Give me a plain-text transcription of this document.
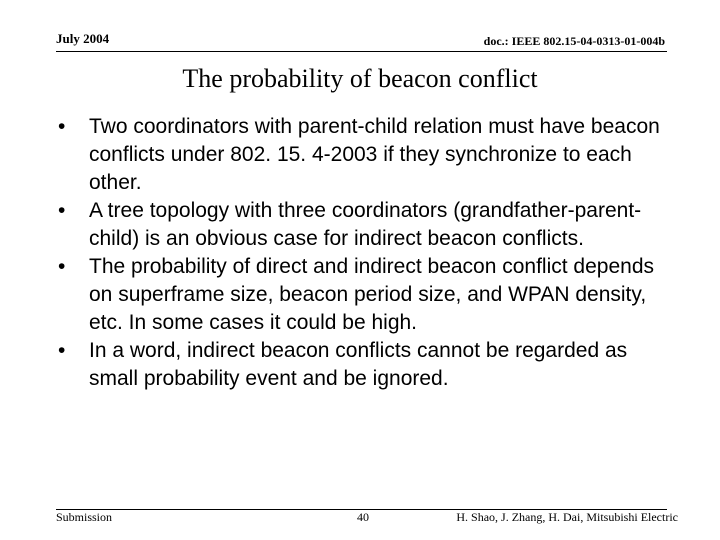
July 2004	doc.: IEEE 802.15-04-0313-01-004b
The probability of beacon conflict
• Two coordinators with parent-child relation must have beacon conflicts under 802. 15. 4-2003 if they synchronize to each other.
• A tree topology with three coordinators (grandfather-parent-child) is an obvious case for indirect beacon conflicts.
• The probability of direct and indirect beacon conflict depends on superframe size, beacon period size, and WPAN density, etc. In some cases it could be high.
• In a word, indirect beacon conflicts cannot be regarded as small probability event and be ignored.
Submission	40	H. Shao, J. Zhang, H. Dai, Mitsubishi Electric
